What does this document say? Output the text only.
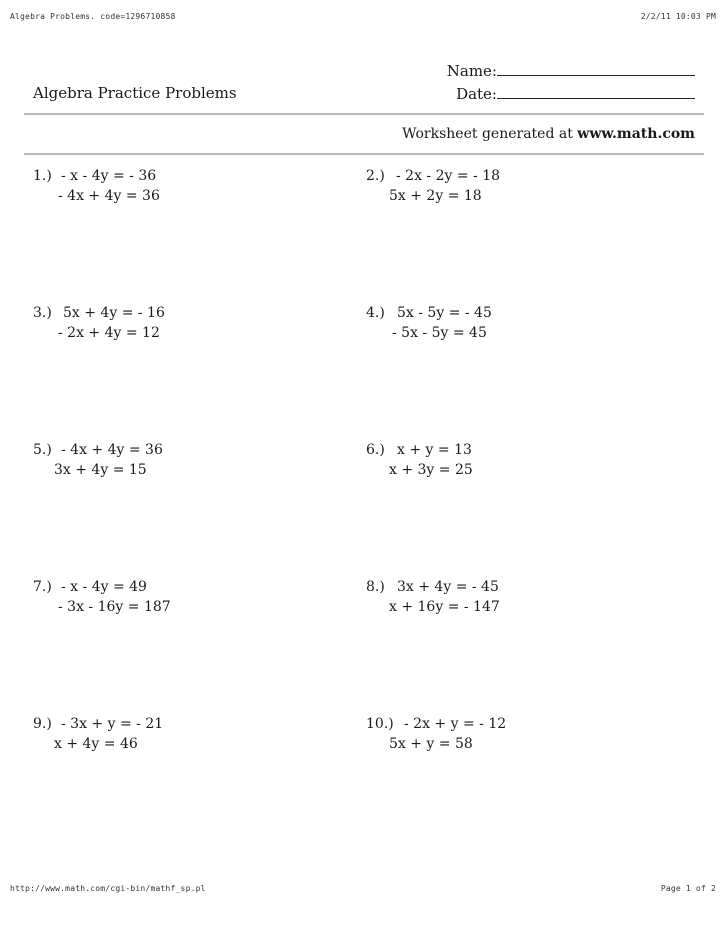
Algebra Problems. code=1296710858	2/2/11 10:03 PM
Name:
Algebra Practice Problems	Date:
Worksheet generated at www.math.com
1.) - x - 4y = - 36
- 4x + 4y = 36
2.) - 2x - 2y = - 18
5x + 2y = 18
3.) 5x + 4y = - 16
- 2x + 4y = 12
4.) 5x - 5y = - 45
- 5x - 5y = 45
5.) - 4x + 4y = 36
3x + 4y = 15
6.) x + y = 13
x + 3y = 25
7.) - x - 4y = 49
- 3x - 16y = 187
8.) 3x + 4y = - 45
x + 16y = - 147
9.) - 3x + y = - 21
x + 4y = 46
10.) - 2x + y = - 12
5x + y = 58
http://www.math.com/cgi-bin/mathf_sp.pl	Page 1 of 2
